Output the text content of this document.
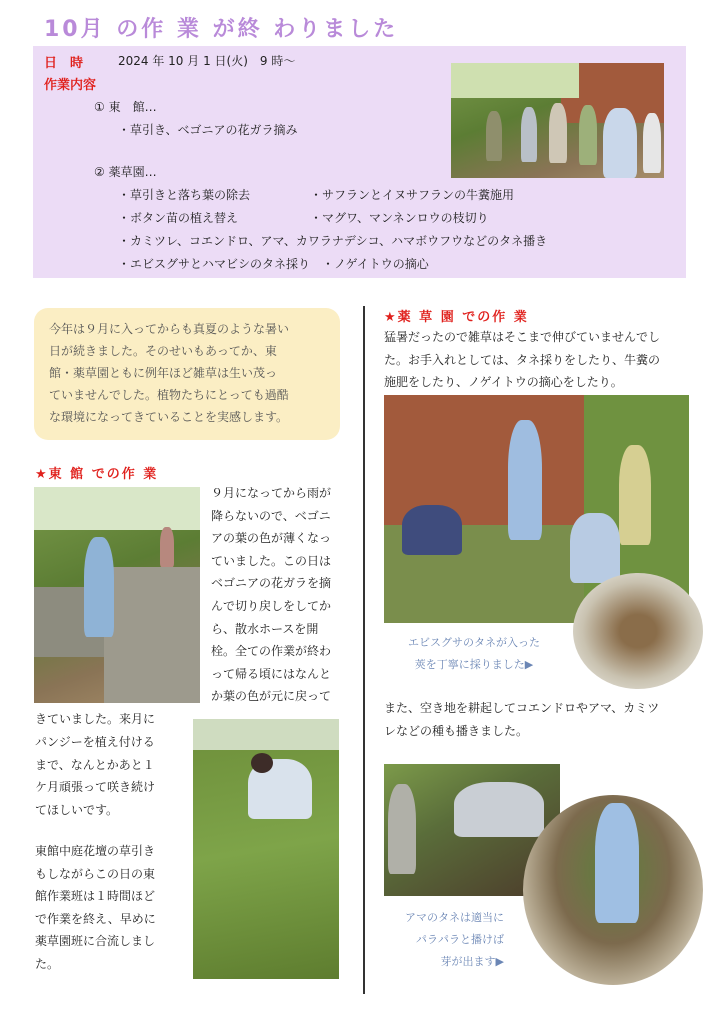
10月 の作 業 が終 わりました
日　時	2024 年 10 月 1 日(火)　9 時～
作業内容
① 東　館…
・草引き、ベゴニアの花ガラ摘み
② 薬草園…
・草引きと落ち葉の除去	・サフランとイヌサフランの牛糞施用
・ボタン苗の植え替え	・マグワ、マンネンロウの枝切り
・カミツレ、コエンドロ、アマ、カワラナデシコ、ハマボウフウなどのタネ播き
・エビスグサとハマビシのタネ採り　・ノゲイトウの摘心
今年は９月に入ってからも真夏のような暑い
日が続きました。そのせいもあってか、東
館・薬草園ともに例年ほど雑草は生い茂っ
ていませんでした。植物たちにとっても過酷
な環境になってきていることを実感します。
★東 館 での作 業
９月になってから雨が
降らないので、ベゴニ
アの葉の色が薄くなっ
ていました。この日は
ベゴニアの花ガラを摘
んで切り戻しをしてか
ら、散水ホースを開
栓。全ての作業が終わ
って帰る頃にはなんと
か葉の色が元に戻って
きていました。来月に
パンジーを植え付ける
まで、なんとかあと１
ケ月頑張って咲き続け
てほしいです。
東館中庭花壇の草引き
もしながらこの日の東
館作業班は１時間ほど
で作業を終え、早めに
薬草園班に合流しまし
た。
★薬 草 園 での作 業
猛暑だったので雑草はそこまで伸びていませんでし
た。お手入れとしては、タネ採りをしたり、牛糞の
施肥をしたり、ノゲイトウの摘心をしたり。
エビスグサのタネが入った
莢を丁寧に採りました▶
また、空き地を耕起してコエンドロやアマ、カミツ
レなどの種も播きました。
アマのタネは適当に
パラパラと播けば
芽が出ます▶
